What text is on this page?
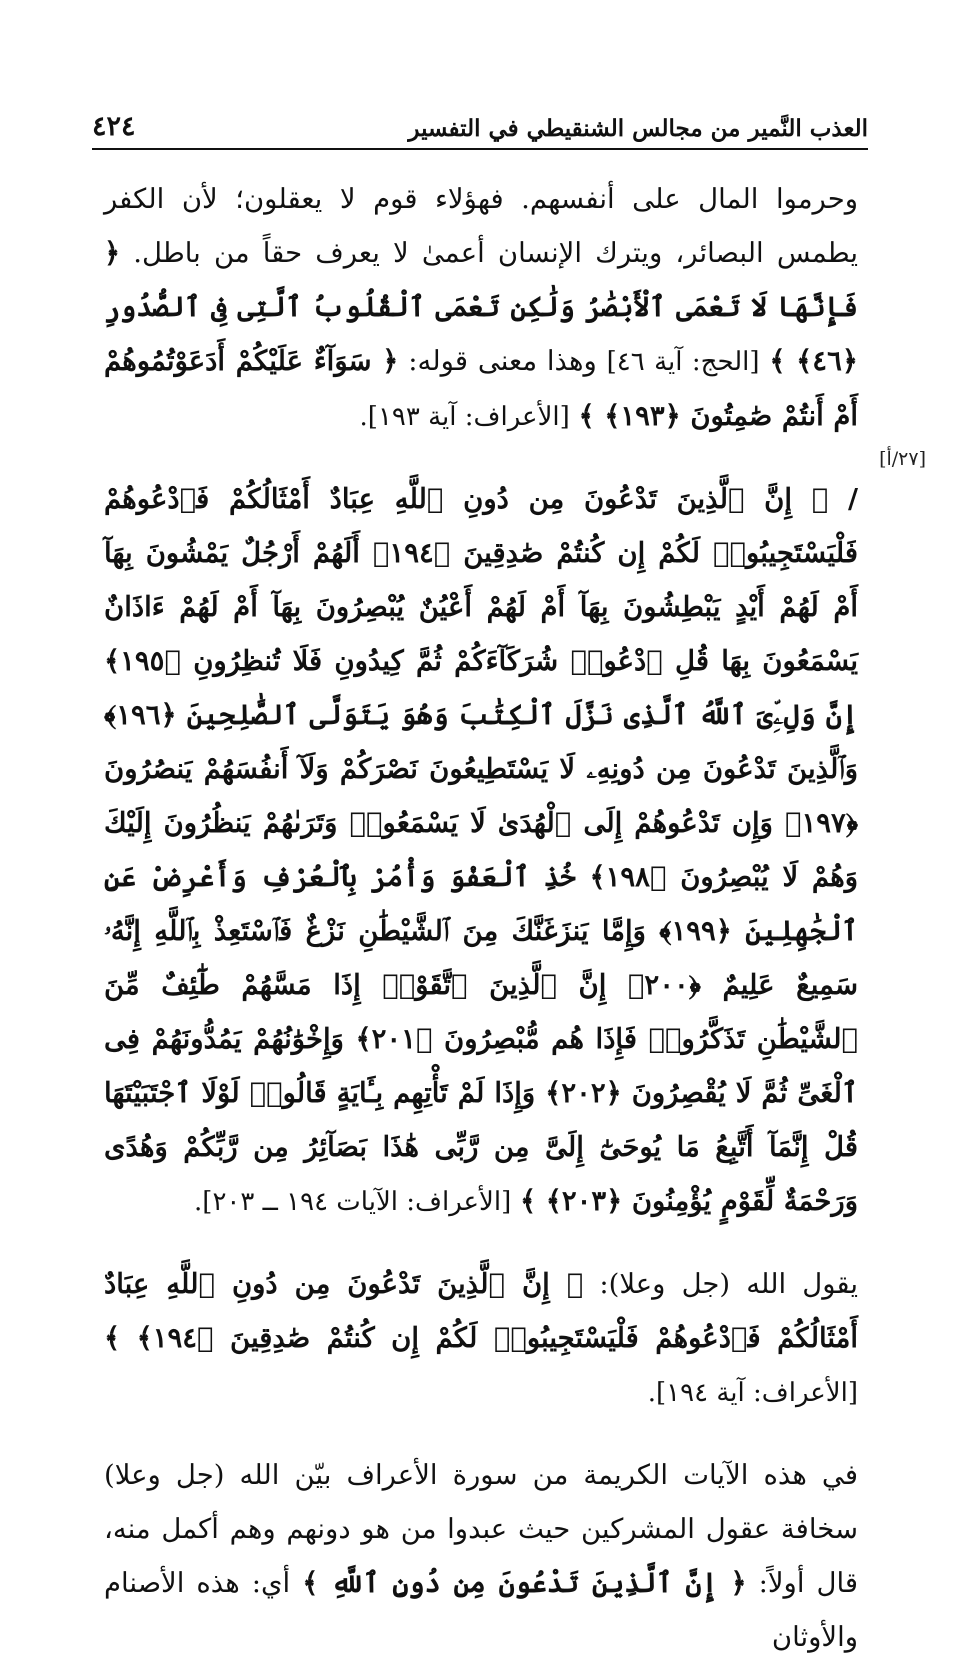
٤٢٤	العذب النَّمير من مجالس الشنقيطي في التفسير
[٢٧/أ]

وحرموا المال على أنفسهم. فهؤلاء قوم لا يعقلون؛ لأن الكفر يطمس البصائر، ويترك الإنسان أعمىٰ لا يعرف حقاً من باطل. ﴿ فَإِنَّهَا لَا تَعْمَى ٱلْأَبْصَٰرُ وَلَٰكِن تَعْمَى ٱلْقُلُوبُ ٱلَّتِى فِى ٱلصُّدُورِ ﴿٤٦﴾ ﴾ [الحج: آية ٤٦] وهذا معنى قوله: ﴿ سَوَآءٌ عَلَيْكُمْ أَدَعَوْتُمُوهُمْ أَمْ أَنتُمْ صَٰمِتُونَ ﴿١٩٣﴾ ﴾ [الأعراف: آية ١٩٣].

/ ﴿ إِنَّ ٱلَّذِينَ تَدْعُونَ مِن دُونِ ٱللَّهِ عِبَادٌ أَمْثَالُكُمْ فَٱدْعُوهُمْ فَلْيَسْتَجِيبُوا۟ لَكُمْ إِن كُنتُمْ صَٰدِقِينَ ﴿١٩٤﴾ أَلَهُمْ أَرْجُلٌ يَمْشُونَ بِهَآ أَمْ لَهُمْ أَيْدٍ يَبْطِشُونَ بِهَآ أَمْ لَهُمْ أَعْيُنٌ يُبْصِرُونَ بِهَآ أَمْ لَهُمْ ءَاذَانٌ يَسْمَعُونَ بِهَا قُلِ ٱدْعُوا۟ شُرَكَآءَكُمْ ثُمَّ كِيدُونِ فَلَا تُنظِرُونِ ﴿١٩٥﴾ إِنَّ وَلِۦِّىَ ٱللَّهُ ٱلَّذِى نَزَّلَ ٱلْكِتَٰبَ وَهُوَ يَتَوَلَّى ٱلصَّٰلِحِينَ ﴿١٩٦﴾ وَٱلَّذِينَ تَدْعُونَ مِن دُونِهِۦ لَا يَسْتَطِيعُونَ نَصْرَكُمْ وَلَآ أَنفُسَهُمْ يَنصُرُونَ ﴿١٩٧﴾ وَإِن تَدْعُوهُمْ إِلَى ٱلْهُدَىٰ لَا يَسْمَعُوا۟ وَتَرَىٰهُمْ يَنظُرُونَ إِلَيْكَ وَهُمْ لَا يُبْصِرُونَ ﴿١٩٨﴾ خُذِ ٱلْعَفْوَ وَأْمُرْ بِٱلْعُرْفِ وَأَعْرِضْ عَنِ ٱلْجَٰهِلِينَ ﴿١٩٩﴾ وَإِمَّا يَنزَغَنَّكَ مِنَ ٱلشَّيْطَٰنِ نَزْغٌ فَٱسْتَعِذْ بِٱللَّهِ إِنَّهُۥ سَمِيعٌ عَلِيمٌ ﴿٢٠٠﴾ إِنَّ ٱلَّذِينَ ٱتَّقَوْا۟ إِذَا مَسَّهُمْ طَٰٓئِفٌ مِّنَ ٱلشَّيْطَٰنِ تَذَكَّرُوا۟ فَإِذَا هُم مُّبْصِرُونَ ﴿٢٠١﴾ وَإِخْوَٰنُهُمْ يَمُدُّونَهُمْ فِى ٱلْغَىِّ ثُمَّ لَا يُقْصِرُونَ ﴿٢٠٢﴾ وَإِذَا لَمْ تَأْتِهِم بِـَٔايَةٍ قَالُوا۟ لَوْلَا ٱجْتَبَيْتَهَا قُلْ إِنَّمَآ أَتَّبِعُ مَا يُوحَىٰٓ إِلَىَّ مِن رَّبِّى هَٰذَا بَصَآئِرُ مِن رَّبِّكُمْ وَهُدًى وَرَحْمَةٌ لِّقَوْمٍ يُؤْمِنُونَ ﴿٢٠٣﴾ ﴾ [الأعراف: الآيات ١٩٤ ــ ٢٠٣].

يقول الله (جل وعلا): ﴿ إِنَّ ٱلَّذِينَ تَدْعُونَ مِن دُونِ ٱللَّهِ عِبَادٌ أَمْثَالُكُمْ فَٱدْعُوهُمْ فَلْيَسْتَجِيبُوا۟ لَكُمْ إِن كُنتُمْ صَٰدِقِينَ ﴿١٩٤﴾ ﴾ [الأعراف: آية ١٩٤].

في هذه الآيات الكريمة من سورة الأعراف بيّن الله (جل وعلا) سخافة عقول المشركين حيث عبدوا من هو دونهم وهم أكمل منه، قال أولاً: ﴿ إِنَّ ٱلَّذِينَ تَدْعُونَ مِن دُونِ ٱللَّهِ ﴾ أي: هذه الأصنام والأوثان
